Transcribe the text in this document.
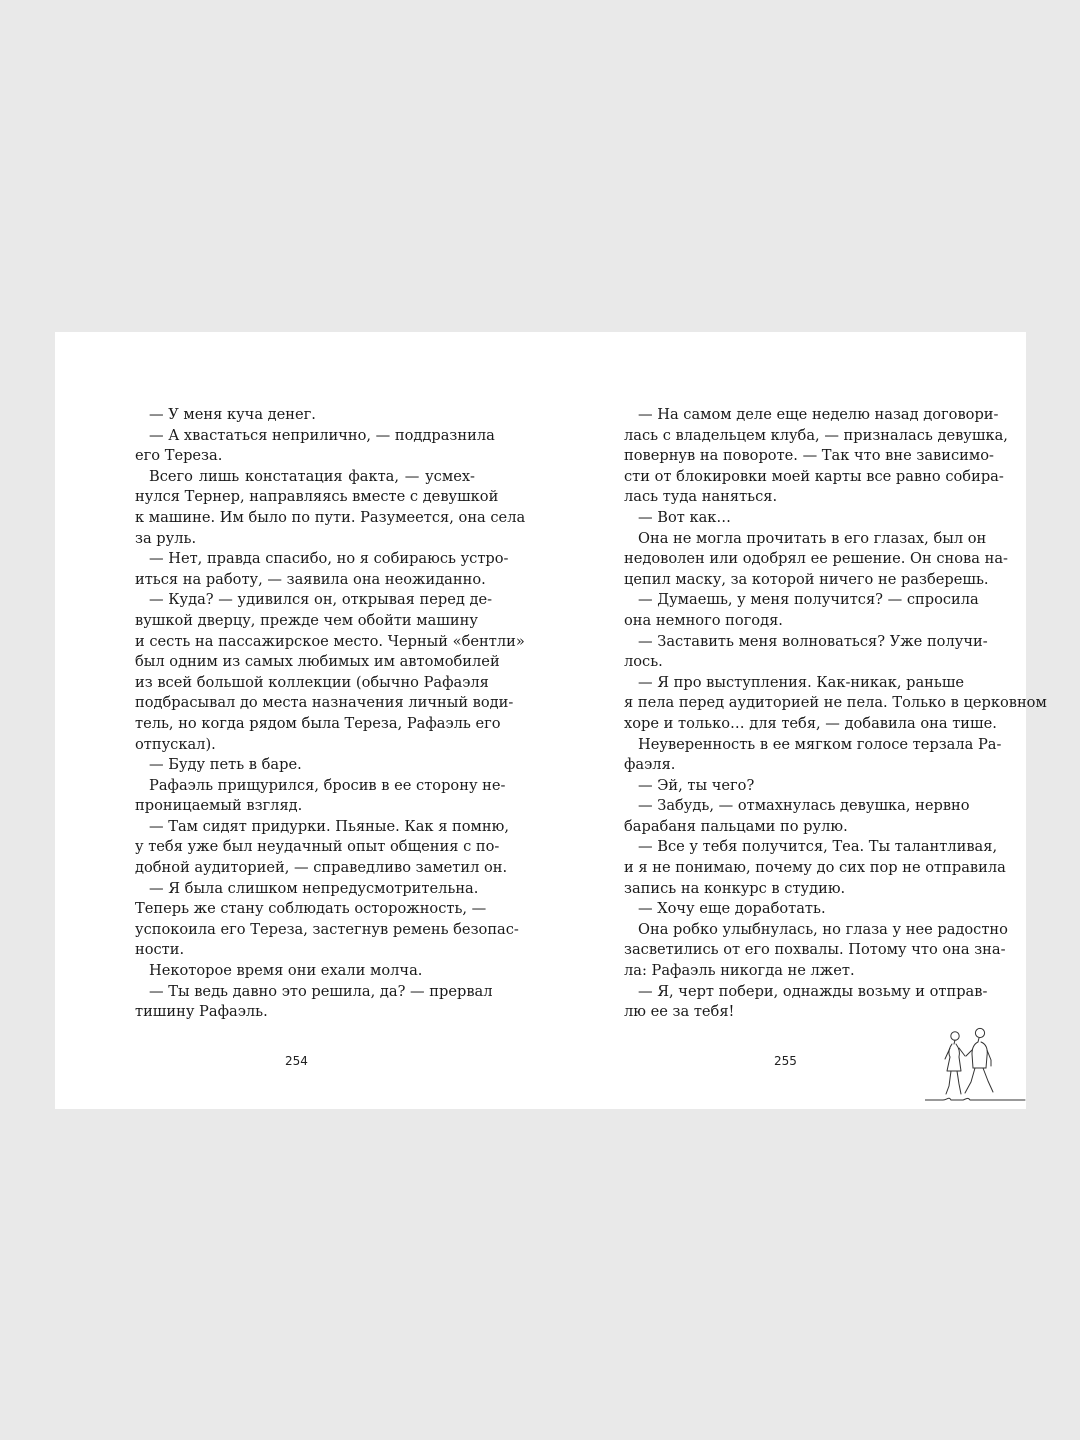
— У меня куча денег.
— А хвастаться неприлично, — поддразнила
его Тереза.
Всего лишь констатация факта, — усмех-
нулся Тернер, направляясь вместе с девушкой
к машине. Им было по пути. Разумеется, она села
за руль.
— Нет, правда спасибо, но я собираюсь устро-
иться на работу, — заявила она неожиданно.
— Куда? — удивился он, открывая перед де-
вушкой дверцу, прежде чем обойти машину
и сесть на пассажирское место. Черный «бентли»
был одним из самых любимых им автомобилей
из всей большой коллекции (обычно Рафаэля
подбрасывал до места назначения личный води-
тель, но когда рядом была Тереза, Рафаэль его
отпускал).
— Буду петь в баре.
Рафаэль прищурился, бросив в ее сторону не-
проницаемый взгляд.
— Там сидят придурки. Пьяные. Как я помню,
у тебя уже был неудачный опыт общения с по-
добной аудиторией, — справедливо заметил он.
— Я была слишком непредусмотрительна.
Теперь же стану соблюдать осторожность, —
успокоила его Тереза, застегнув ремень безопас-
ности.
Некоторое время они ехали молча.
— Ты ведь давно это решила, да? — прервал
тишину Рафаэль.
254
— На самом деле еще неделю назад договори-
лась с владельцем клуба, — призналась девушка,
повернув на повороте. — Так что вне зависимо-
сти от блокировки моей карты все равно собира-
лась туда наняться.
— Вот как…
Она не могла прочитать в его глазах, был он
недоволен или одобрял ее решение. Он снова на-
цепил маску, за которой ничего не разберешь.
— Думаешь, у меня получится? — спросила
она немного погодя.
— Заставить меня волноваться? Уже получи-
лось.
— Я про выступления. Как-никак, раньше
я пела перед аудиторией не пела. Только в церковном
хоре и только… для тебя, — добавила она тише.
Неуверенность в ее мягком голосе терзала Ра-
фаэля.
— Эй, ты чего?
— Забудь, — отмахнулась девушка, нервно
барабаня пальцами по рулю.
— Все у тебя получится, Теа. Ты талантливая,
и я не понимаю, почему до сих пор не отправила
запись на конкурс в студию.
— Хочу еще доработать.
Она робко улыбнулась, но глаза у нее радостно
засветились от его похвалы. Потому что она зна-
ла: Рафаэль никогда не лжет.
— Я, черт побери, однажды возьму и отправ-
лю ее за тебя!
255
